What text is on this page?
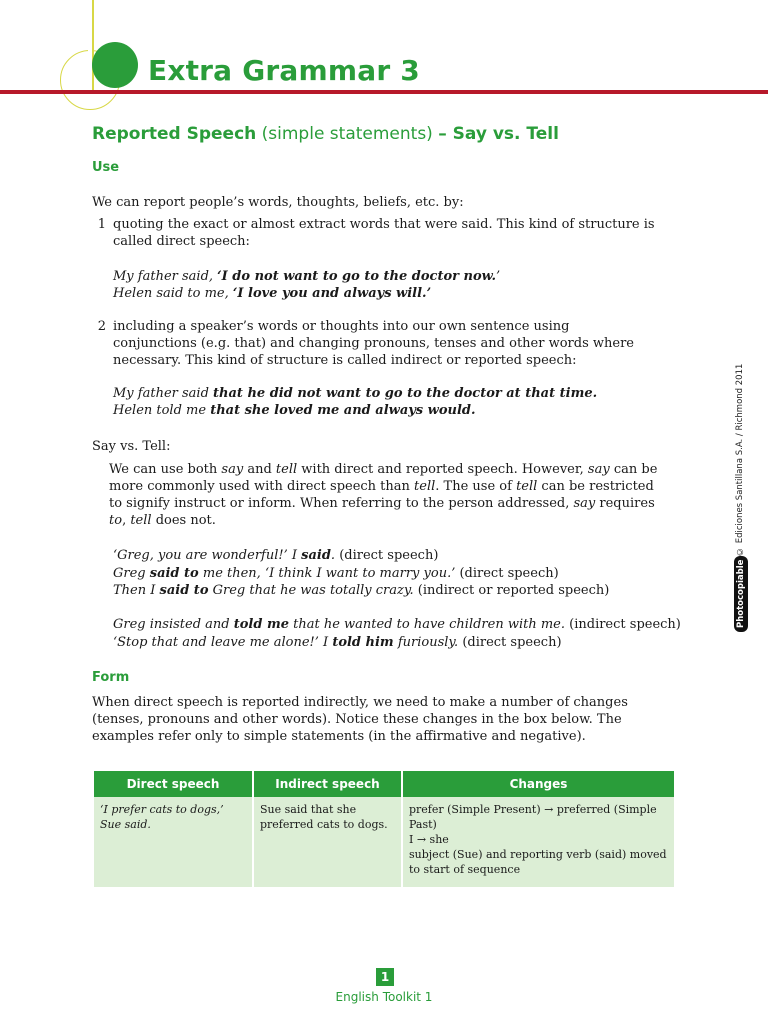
Extra Grammar 3
Reported Speech (simple statements) – Say vs. Tell
Use

We can report people’s words, thoughts, beliefs, etc. by:

1 quoting the exact or almost extract words that were said. This kind of structure is
called direct speech:
My father said, ‘I do not want to go to the doctor now.’
Helen said to me, ‘I love you and always will.’
2 including a speaker’s words or thoughts into our own sentence using
conjunctions (e.g. that) and changing pronouns, tenses and other words where
necessary. This kind of structure is called indirect or reported speech:
My father said that he did not want to go to the doctor at that time.
Helen told me that she loved me and always would.

Say vs. Tell:

We can use both say and tell with direct and reported speech. However, say can be
more commonly used with direct speech than tell. The use of tell can be restricted
to signify instruct or inform. When referring to the person addressed, say requires
to, tell does not.
‘Greg, you are wonderful!’ I said. (direct speech)
Greg said to me then, ‘I think I want to marry you.’ (direct speech)
Then I said to Greg that he was totally crazy. (indirect or reported speech)
Greg insisted and told me that he wanted to have children with me. (indirect speech)
‘Stop that and leave me alone!’ I told him furiously. (direct speech)
Form

When direct speech is reported indirectly, we need to make a number of changes

(tenses, pronouns and other words). Notice these changes in the box below. The

examples refer only to simple statements (in the affirmative and negative).

Direct speech	Indirect speech	Changes
‘I prefer cats to dogs,’ Sue said.	Sue said that she preferred cats to dogs.	prefer (Simple Present) → preferred (Simple Past)
I → she
subject (Sue) and reporting verb (said) moved to start of sequence
Photocopiable
© Ediciones Santillana S.A. / Richmond 2011
1
English Toolkit 1
